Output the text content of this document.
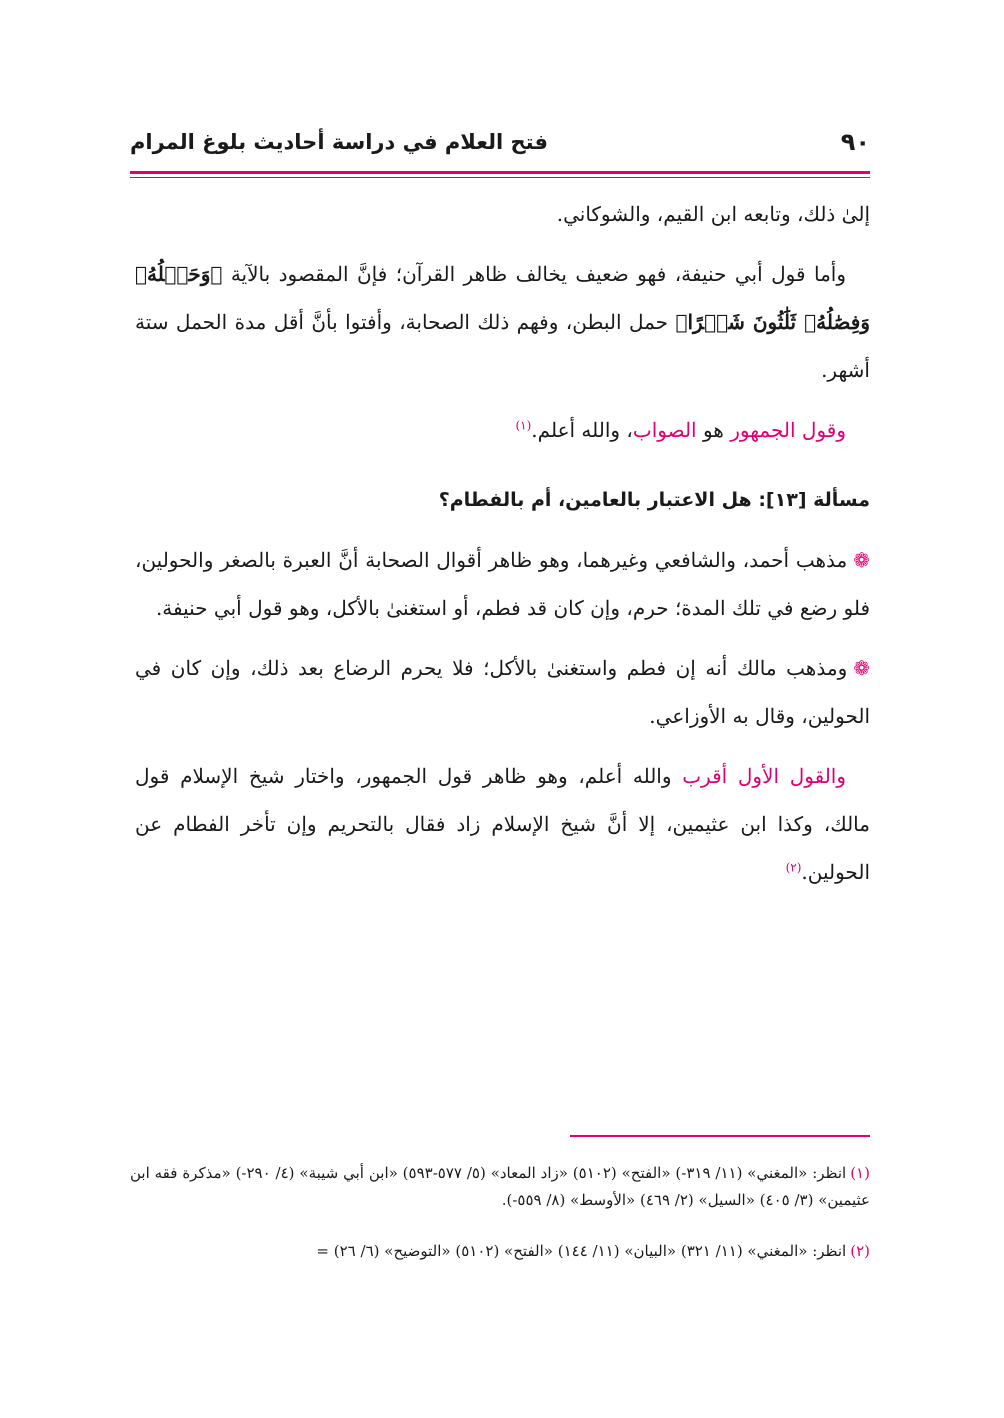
٩٠
فتح العلام في دراسة أحاديث بلوغ المرام

إلىٰ ذلك، وتابعه ابن القيم، والشوكاني.

وأما قول أبي حنيفة، فهو ضعيف يخالف ظاهر القرآن؛ فإنَّ المقصود بالآية ﴿وَحَمۡلُهُۥ وَفِصَٰلُهُۥ ثَلَٰثُونَ شَهۡرًا﴾ حمل البطن، وفهم ذلك الصحابة، وأفتوا بأنَّ أقل مدة الحمل ستة أشهر.

وقول الجمهور هو الصواب، والله أعلم.$^{(١)}$

مسألة [١٣]: هل الاعتبار بالعامين، أم بالفطام؟

❁مذهب أحمد، والشافعي وغيرهما، وهو ظاهر أقوال الصحابة أنَّ العبرة بالصغر والحولين، فلو رضع في تلك المدة؛ حرم، وإن كان قد فطم، أو استغنىٰ بالأكل، وهو قول أبي حنيفة.

❁ومذهب مالك أنه إن فطم واستغنىٰ بالأكل؛ فلا يحرم الرضاع بعد ذلك، وإن كان في الحولين، وقال به الأوزاعي.

والقول الأول أقرب والله أعلم، وهو ظاهر قول الجمهور، واختار شيخ الإسلام قول مالك، وكذا ابن عثيمين، إلا أنَّ شيخ الإسلام زاد فقال بالتحريم وإن تأخر الفطام عن الحولين.$^{(٢)}$

(١)انظر: «المغني» (١١/ ٣١٩-) «الفتح» (٥١٠٢) «زاد المعاد» (٥/ ٥٧٧-٥٩٣) «ابن أبي شيبة» (٤/ ٢٩٠-) «مذكرة فقه ابن عثيمين» (٣/ ٤٠٥) «السيل» (٢/ ٤٦٩) «الأوسط» (٨/ ٥٥٩-).

(٢)انظر: «المغني» (١١/ ٣٢١) «البيان» (١١/ ١٤٤) «الفتح» (٥١٠٢) «التوضيح» (٦/ ٢٦) =
